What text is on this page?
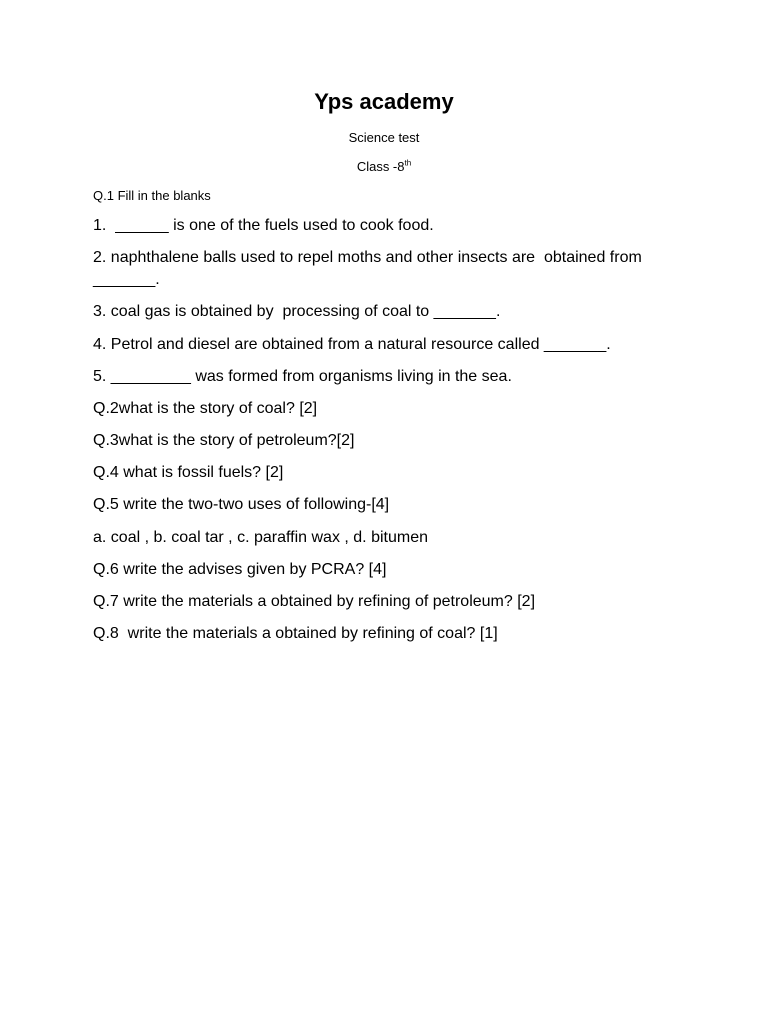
Yps academy
Science test
Class -8th
Q.1 Fill in the blanks
1.  ______ is one of the fuels used to cook food.
2. naphthalene balls used to repel moths and other insects are  obtained from _______.
3. coal gas is obtained by  processing of coal to _______.
4. Petrol and diesel are obtained from a natural resource called _______.
5. _________ was formed from organisms living in the sea.
Q.2what is the story of coal? [2]
Q.3what is the story of petroleum?[2]
Q.4 what is fossil fuels? [2]
Q.5 write the two-two uses of following-[4]
a. coal , b. coal tar , c. paraffin wax , d. bitumen
Q.6 write the advises given by PCRA? [4]
Q.7 write the materials a obtained by refining of petroleum? [2]
Q.8  write the materials a obtained by refining of coal? [1]
